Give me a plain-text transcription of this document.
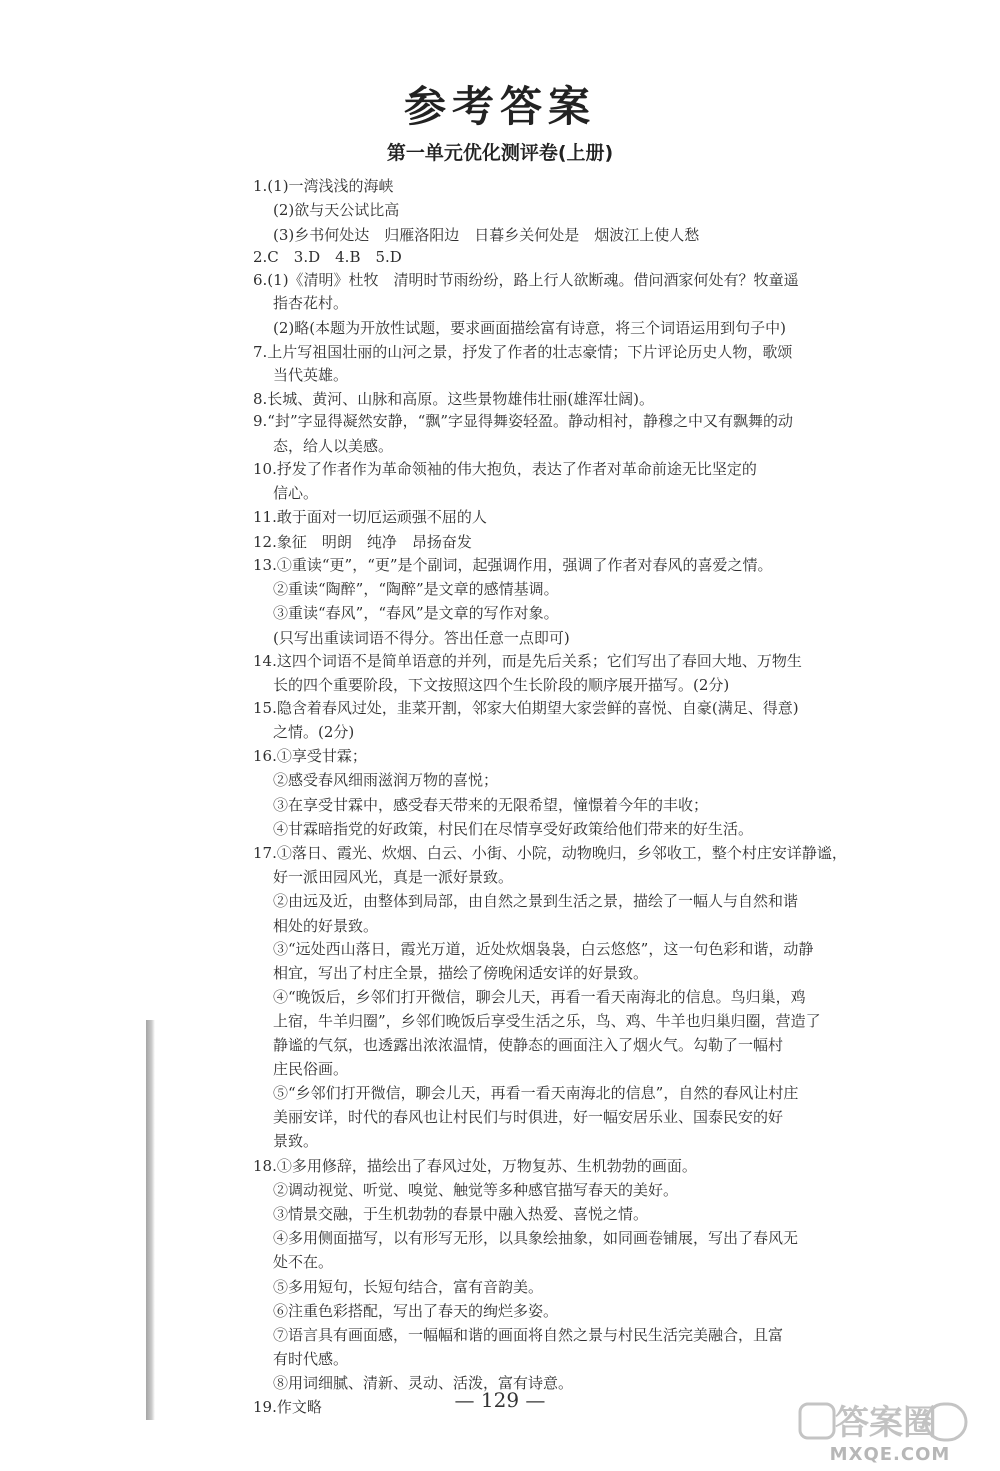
参考答案
第一单元优化测评卷(上册)
1.(1)一湾浅浅的海峡
(2)欲与天公试比高
(3)乡书何处达　归雁洛阳边　日暮乡关何处是　烟波江上使人愁
2.C　3.D　4.B　5.D
6.(1)《清明》杜牧　清明时节雨纷纷，路上行人欲断魂。借问酒家何处有？牧童遥
指杏花村。
(2)略(本题为开放性试题，要求画面描绘富有诗意，将三个词语运用到句子中)
7.上片写祖国壮丽的山河之景，抒发了作者的壮志豪情；下片评论历史人物，歌颂
当代英雄。
8.长城、黄河、山脉和高原。这些景物雄伟壮丽(雄浑壮阔)。
9.“封”字显得凝然安静，“飘”字显得舞姿轻盈。静动相衬，静穆之中又有飘舞的动
态，给人以美感。
10.抒发了作者作为革命领袖的伟大抱负，表达了作者对革命前途无比坚定的
信心。
11.敢于面对一切厄运顽强不屈的人
12.象征　明朗　纯净　昂扬奋发
13.①重读“更”，“更”是个副词，起强调作用，强调了作者对春风的喜爱之情。
②重读“陶醉”，“陶醉”是文章的感情基调。
③重读“春风”，“春风”是文章的写作对象。
(只写出重读词语不得分。答出任意一点即可)
14.这四个词语不是简单语意的并列，而是先后关系；它们写出了春回大地、万物生
长的四个重要阶段，下文按照这四个生长阶段的顺序展开描写。(2分)
15.隐含着春风过处，韭菜开割，邻家大伯期望大家尝鲜的喜悦、自豪(满足、得意)
之情。(2分)
16.①享受甘霖；
②感受春风细雨滋润万物的喜悦；
③在享受甘霖中，感受春天带来的无限希望，憧憬着今年的丰收；
④甘霖暗指党的好政策，村民们在尽情享受好政策给他们带来的好生活。
17.①落日、霞光、炊烟、白云、小街、小院，动物晚归，乡邻收工，整个村庄安详静谧，
好一派田园风光，真是一派好景致。
②由远及近，由整体到局部，由自然之景到生活之景，描绘了一幅人与自然和谐
相处的好景致。
③“远处西山落日，霞光万道，近处炊烟袅袅，白云悠悠”，这一句色彩和谐，动静
相宜，写出了村庄全景，描绘了傍晚闲适安详的好景致。
④“晚饭后，乡邻们打开微信，聊会儿天，再看一看天南海北的信息。鸟归巢，鸡
上宿，牛羊归圈”，乡邻们晚饭后享受生活之乐，鸟、鸡、牛羊也归巢归圈，营造了
静谧的气氛，也透露出浓浓温情，使静态的画面注入了烟火气。勾勒了一幅村
庄民俗画。
⑤“乡邻们打开微信，聊会儿天，再看一看天南海北的信息”，自然的春风让村庄
美丽安详，时代的春风也让村民们与时俱进，好一幅安居乐业、国泰民安的好
景致。
18.①多用修辞，描绘出了春风过处，万物复苏、生机勃勃的画面。
②调动视觉、听觉、嗅觉、触觉等多种感官描写春天的美好。
③情景交融，于生机勃勃的春景中融入热爱、喜悦之情。
④多用侧面描写，以有形写无形，以具象绘抽象，如同画卷铺展，写出了春风无
处不在。
⑤多用短句，长短句结合，富有音韵美。
⑥注重色彩搭配，写出了春天的绚烂多姿。
⑦语言具有画面感，一幅幅和谐的画面将自然之景与村民生活完美融合，且富
有时代感。
⑧用词细腻、清新、灵动、活泼，富有诗意。
19.作文略	— 129 —
答案圈
MXQE.COM
